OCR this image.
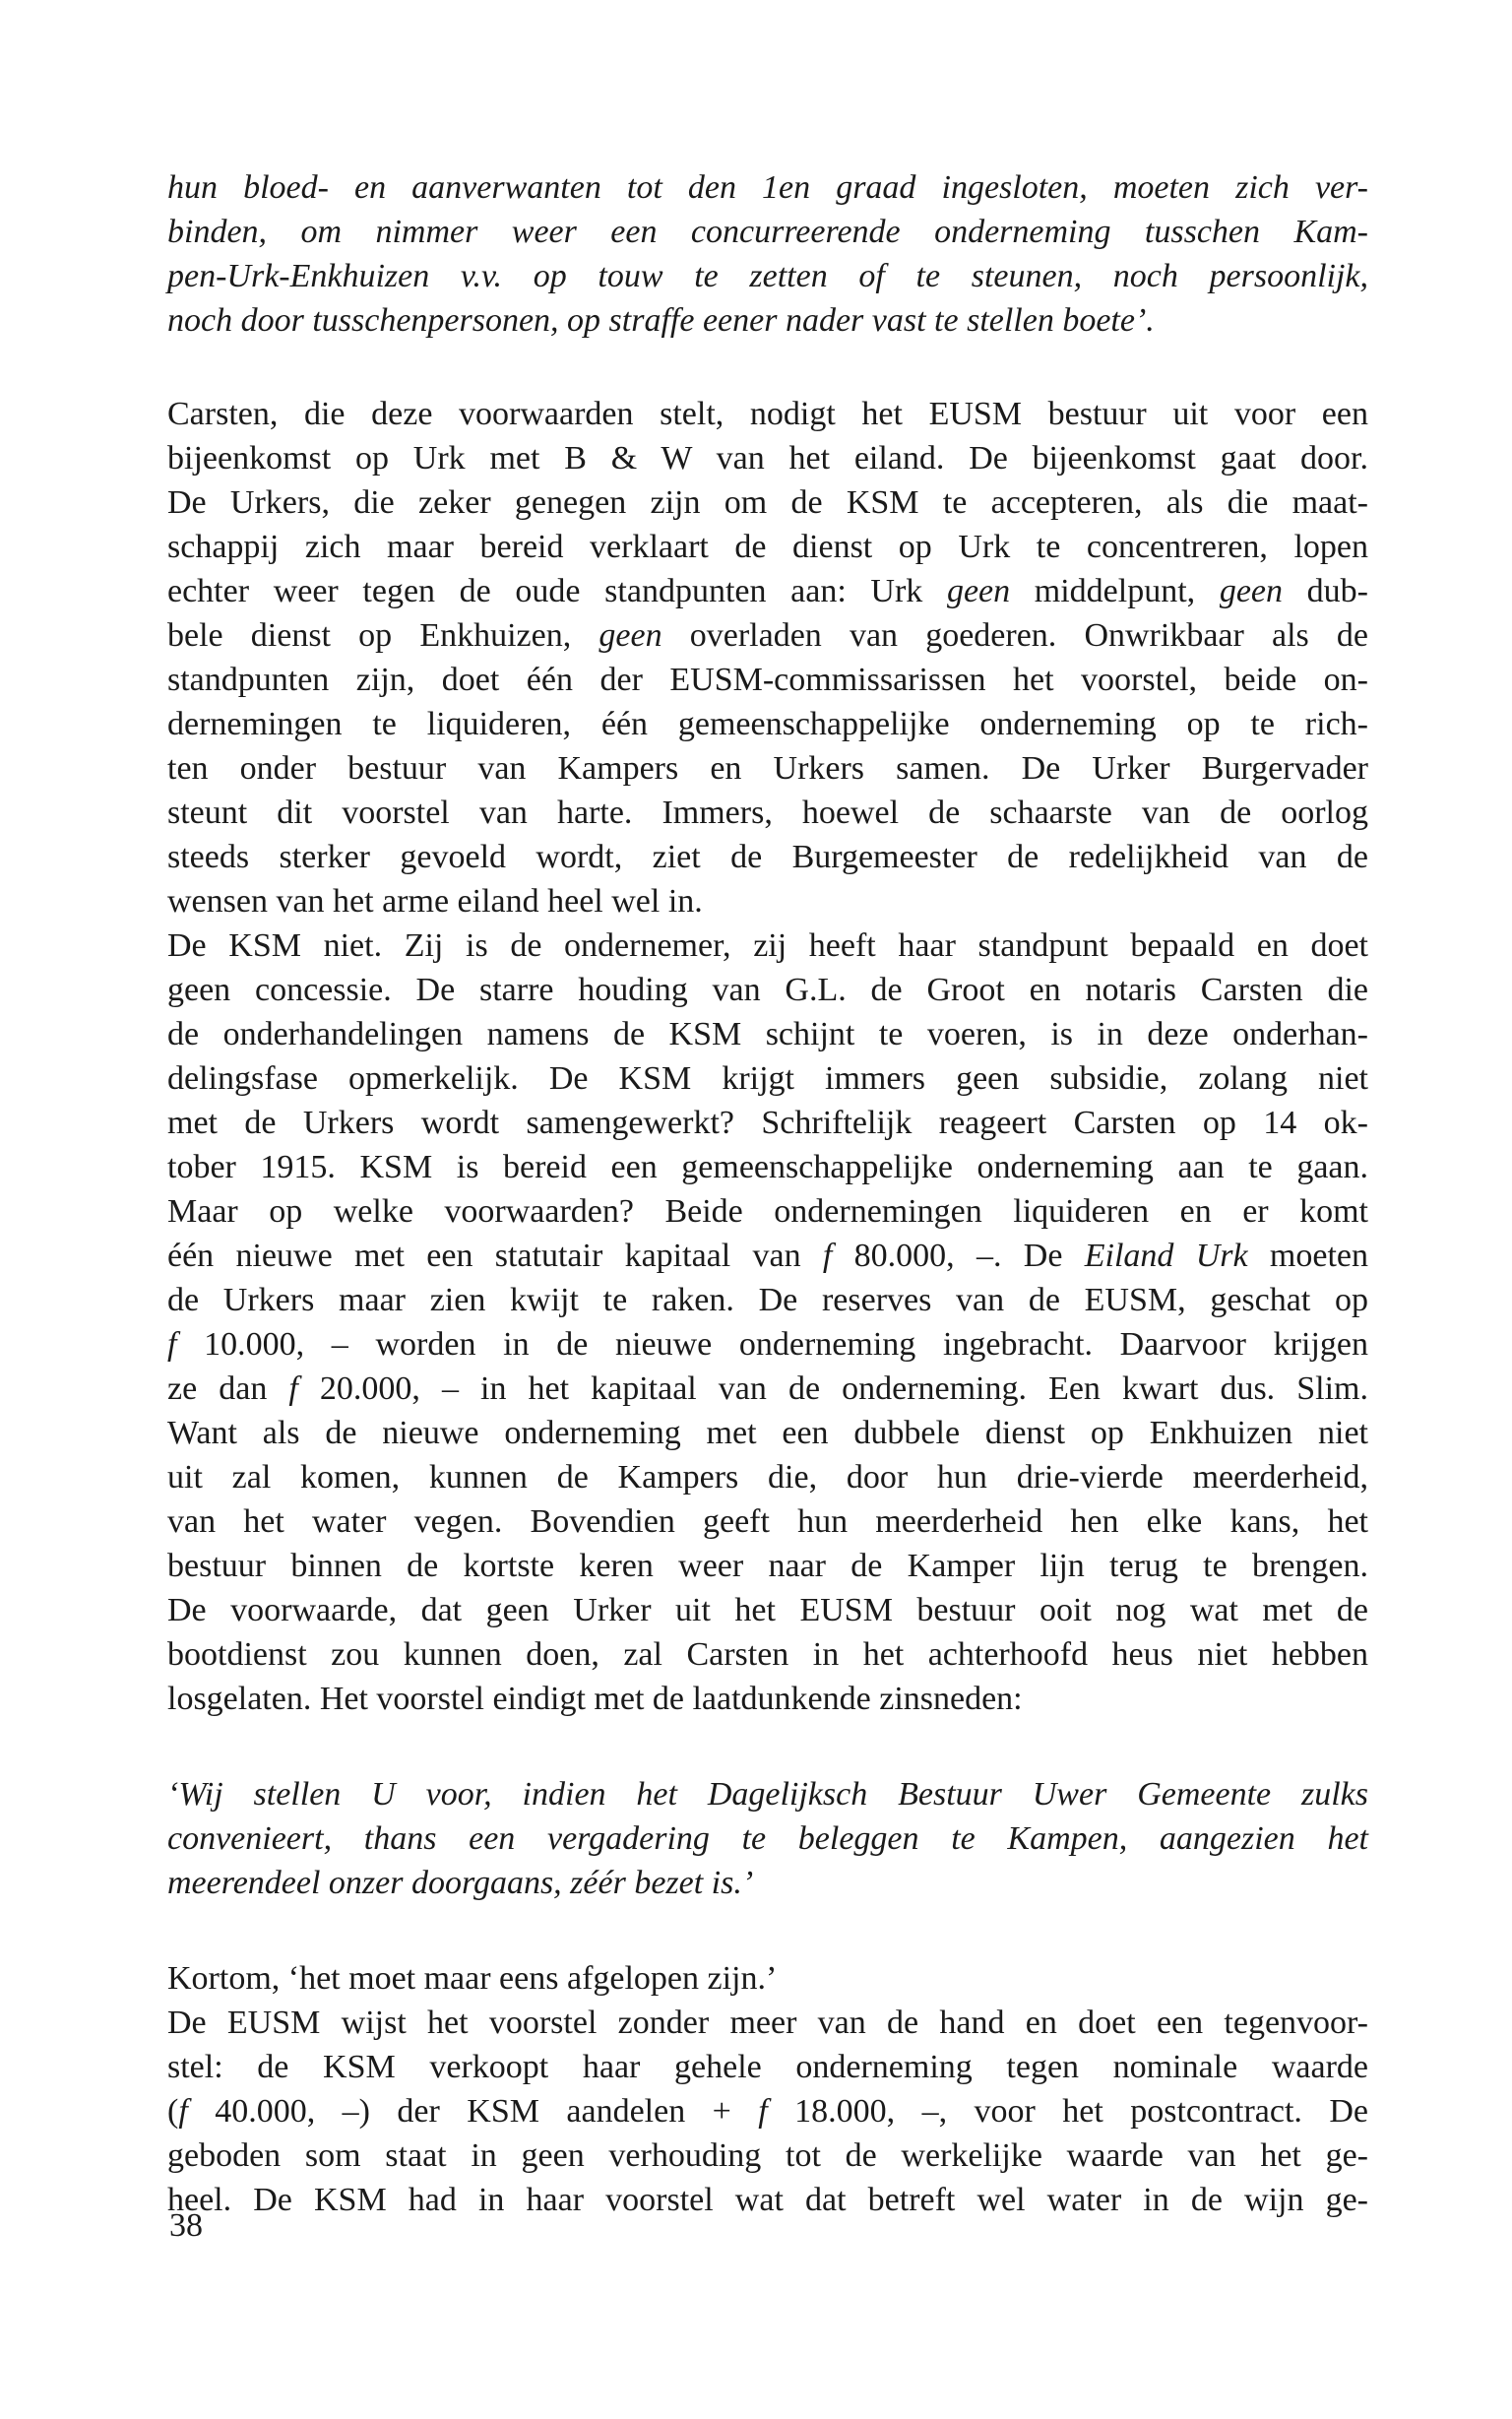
hun bloed- en aanverwanten tot den 1en graad ingesloten, moeten zich ver-
binden, om nimmer weer een concurreerende onderneming tusschen Kam-
pen-Urk-Enkhuizen v.v. op touw te zetten of te steunen, noch persoonlijk,
noch door tusschenpersonen, op straffe eener nader vast te stellen boete’.
Carsten, die deze voorwaarden stelt, nodigt het EUSM bestuur uit voor een
bijeenkomst op Urk met B & W van het eiland. De bijeenkomst gaat door.
De Urkers, die zeker genegen zijn om de KSM te accepteren, als die maat-
schappij zich maar bereid verklaart de dienst op Urk te concentreren, lopen
echter weer tegen de oude standpunten aan: Urk geen middelpunt, geen dub-
bele dienst op Enkhuizen, geen overladen van goederen. Onwrikbaar als de
standpunten zijn, doet één der EUSM-commissarissen het voorstel, beide on-
dernemingen te liquideren, één gemeenschappelijke onderneming op te rich-
ten onder bestuur van Kampers en Urkers samen. De Urker Burgervader
steunt dit voorstel van harte. Immers, hoewel de schaarste van de oorlog
steeds sterker gevoeld wordt, ziet de Burgemeester de redelijkheid van de
wensen van het arme eiland heel wel in.
De KSM niet. Zij is de ondernemer, zij heeft haar standpunt bepaald en doet
geen concessie. De starre houding van G.L. de Groot en notaris Carsten die
de onderhandelingen namens de KSM schijnt te voeren, is in deze onderhan-
delingsfase opmerkelijk. De KSM krijgt immers geen subsidie, zolang niet
met de Urkers wordt samengewerkt? Schriftelijk reageert Carsten op 14 ok-
tober 1915. KSM is bereid een gemeenschappelijke onderneming aan te gaan.
Maar op welke voorwaarden? Beide ondernemingen liquideren en er komt
één nieuwe met een statutair kapitaal van f 80.000, –. De Eiland Urk moeten
de Urkers maar zien kwijt te raken. De reserves van de EUSM, geschat op
f 10.000, – worden in de nieuwe onderneming ingebracht. Daarvoor krijgen
ze dan f 20.000, – in het kapitaal van de onderneming. Een kwart dus. Slim.
Want als de nieuwe onderneming met een dubbele dienst op Enkhuizen niet
uit zal komen, kunnen de Kampers die, door hun drie-vierde meerderheid,
van het water vegen. Bovendien geeft hun meerderheid hen elke kans, het
bestuur binnen de kortste keren weer naar de Kamper lijn terug te brengen.
De voorwaarde, dat geen Urker uit het EUSM bestuur ooit nog wat met de
bootdienst zou kunnen doen, zal Carsten in het achterhoofd heus niet hebben
losgelaten. Het voorstel eindigt met de laatdunkende zinsneden:
‘Wij stellen U voor, indien het Dagelijksch Bestuur Uwer Gemeente zulks
convenieert, thans een vergadering te beleggen te Kampen, aangezien het
meerendeel onzer doorgaans, zéér bezet is.’
Kortom, ‘het moet maar eens afgelopen zijn.’
De EUSM wijst het voorstel zonder meer van de hand en doet een tegenvoor-
stel: de KSM verkoopt haar gehele onderneming tegen nominale waarde
(f 40.000, –) der KSM aandelen + f 18.000, –, voor het postcontract. De
geboden som staat in geen verhouding tot de werkelijke waarde van het ge-
heel. De KSM had in haar voorstel wat dat betreft wel water in de wijn ge-
38
